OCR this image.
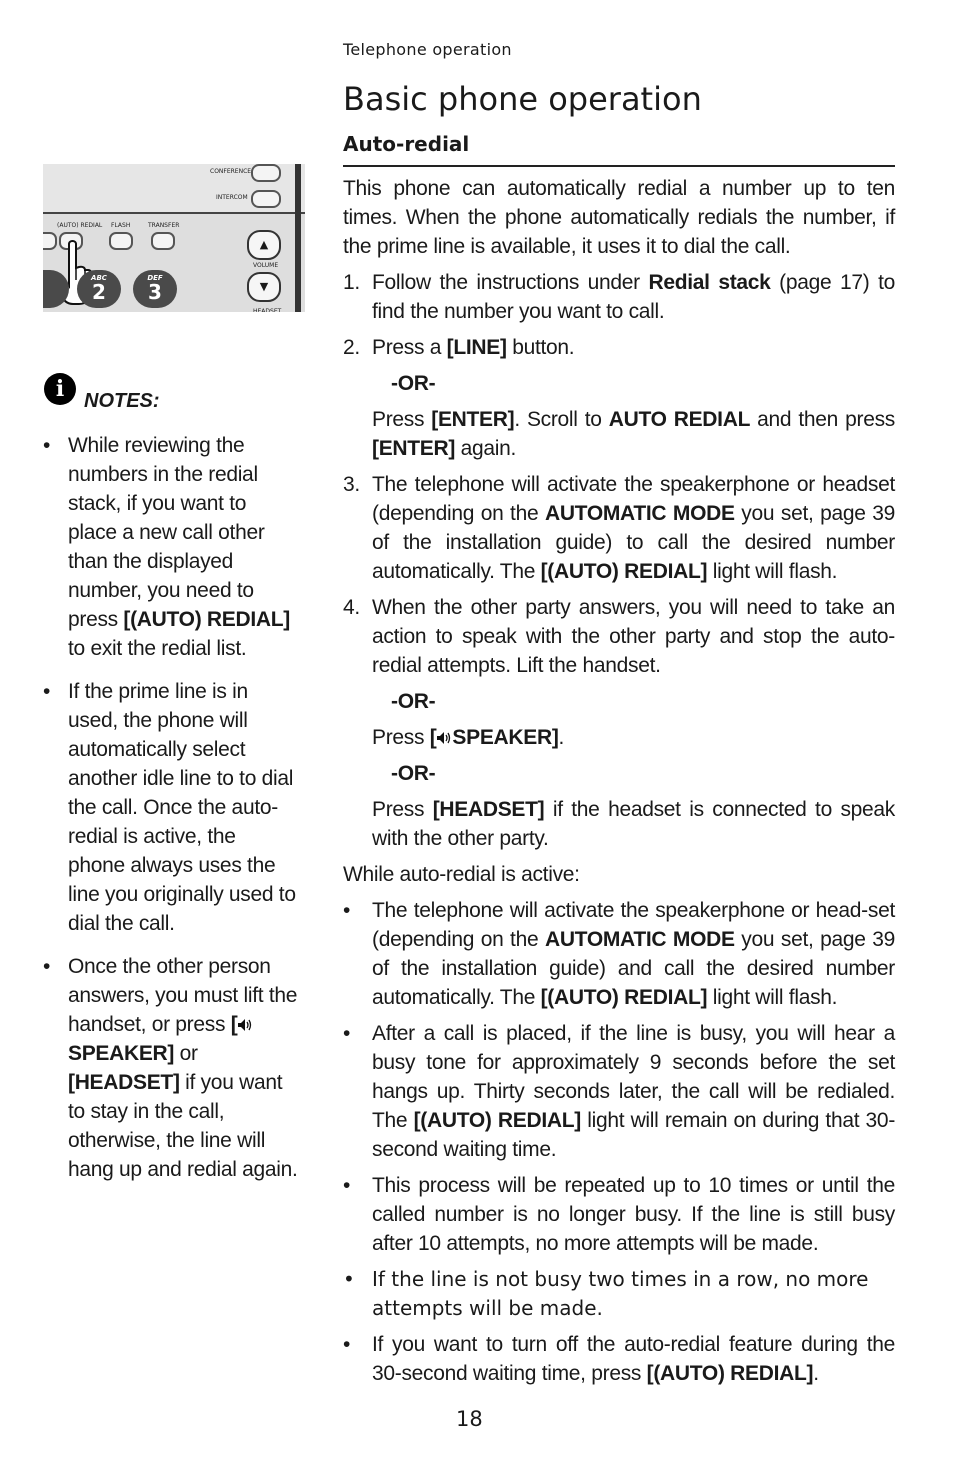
Telephone operation
Basic phone operation
Auto-redial
CONFERENCE
INTERCOM
(AUTO) REDIAL FLASH	TRANSFER
▲
VOLUME
▼
HEADSET
ABC
2
DEF
3
i NOTES:
• While reviewing the numbers in the redial stack, if you want to place a new call other than the displayed number, you need to press [(AUTO) REDIAL] to exit the redial list.
• If the prime line is in used, the phone will automatically select another idle line to to dial the call. Once the auto-redial is active, the phone always uses the line you originally used to dial the call.
• Once the other person answers, you must lift the handset, or press [SPEAKER] or [HEADSET] if you want to stay in the call, otherwise, the line will hang up and redial again.

This phone can automatically redial a number up to ten times. When the phone automatically redials the number, if the prime line is available, it uses it to dial the call.

1. Follow the instructions under Redial stack (page 17) to find the number you want to call.
2. Press a [LINE] button.
-OR-
Press [ENTER]. Scroll to AUTO REDIAL and then press [ENTER] again.
3. The telephone will activate the speakerphone or headset (depending on the AUTOMATIC MODE you set, page 39 of the installation guide) to call the desired number automatically. The [(AUTO) REDIAL] light will flash.
4. When the other party answers, you will need to take an action to speak with the other party and stop the auto-redial attempts. Lift the handset.
-OR-
Press [ SPEAKER].
-OR-
Press [HEADSET] if the headset is connected to speak with the other party.

While auto-redial is active:

• The telephone will activate the speakerphone or head-set (depending on the AUTOMATIC MODE you set, page 39 of the installation guide) and call the desired number automatically. The [(AUTO) REDIAL] light will flash.
• After a call is placed, if the line is busy, you will hear a busy tone for approximately 9 seconds before the set hangs up. Thirty seconds later, the call will be redialed. The [(AUTO) REDIAL] light will remain on during that 30-second waiting time.
• This process will be repeated up to 10 times or until the called number is no longer busy. If the line is still busy after 10 attempts, no more attempts will be made.
• If the line is not busy two times in a row, no more attempts will be made.
• If you want to turn off the auto-redial feature during the 30-second waiting time, press [(AUTO) REDIAL].
18
